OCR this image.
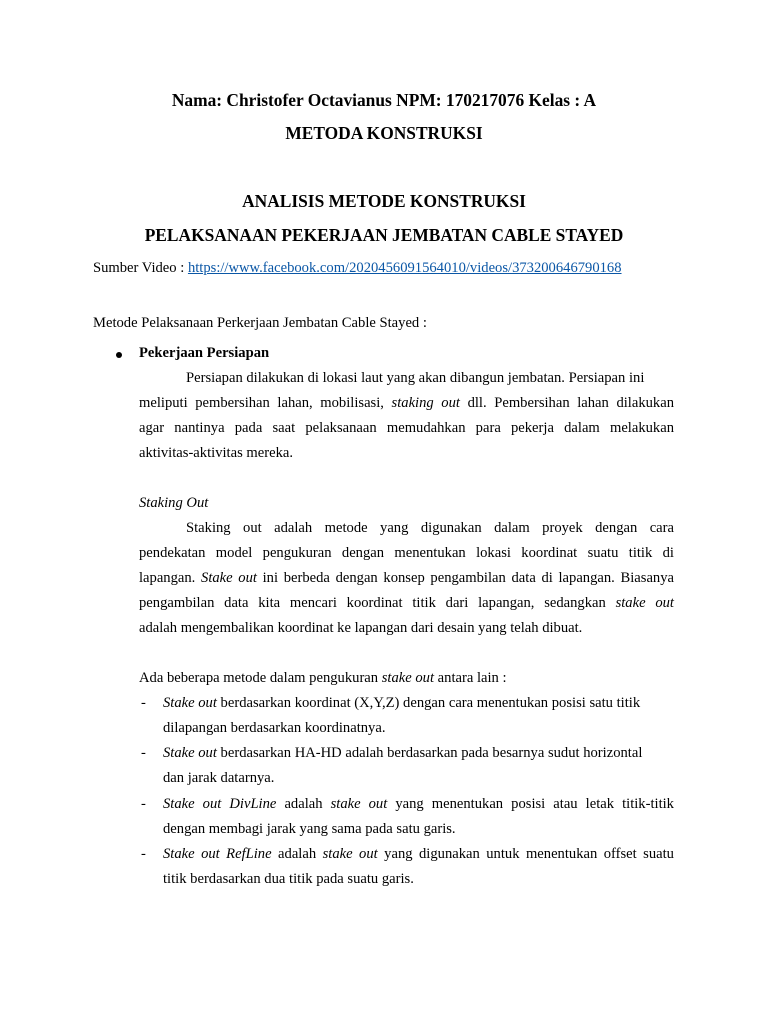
Nama: Christofer Octavianus NPM: 170217076 Kelas : A
METODA KONSTRUKSI
ANALISIS METODE KONSTRUKSI
PELAKSANAAN PEKERJAAN JEMBATAN CABLE STAYED
Sumber Video : https://www.facebook.com/2020456091564010/videos/373200646790168
Metode Pelaksanaan Perkerjaan Jembatan Cable Stayed :
Pekerjaan Persiapan
Persiapan dilakukan di lokasi laut yang akan dibangun jembatan. Persiapan ini
meliputi pembersihan lahan, mobilisasi, staking out dll. Pembersihan lahan dilakukan
agar nantinya pada saat pelaksanaan memudahkan para pekerja dalam melakukan
aktivitas-aktivitas mereka.
Staking Out
Staking out adalah metode yang digunakan dalam proyek dengan cara
pendekatan model pengukuran dengan menentukan lokasi koordinat suatu titik di
lapangan. Stake out ini berbeda dengan konsep pengambilan data di lapangan. Biasanya
pengambilan data kita mencari koordinat titik dari lapangan, sedangkan stake out
adalah mengembalikan koordinat ke lapangan dari desain yang telah dibuat.
Ada beberapa metode dalam pengukuran stake out antara lain :
- Stake out berdasarkan koordinat (X,Y,Z) dengan cara menentukan posisi satu titik
dilapangan berdasarkan koordinatnya.
- Stake out berdasarkan HA-HD adalah berdasarkan pada besarnya sudut horizontal
dan jarak datarnya.
- Stake out DivLine adalah stake out yang menentukan posisi atau letak titik-titik
dengan membagi jarak yang sama pada satu garis.
- Stake out RefLine adalah stake out yang digunakan untuk menentukan offset suatu
titik berdasarkan dua titik pada suatu garis.
